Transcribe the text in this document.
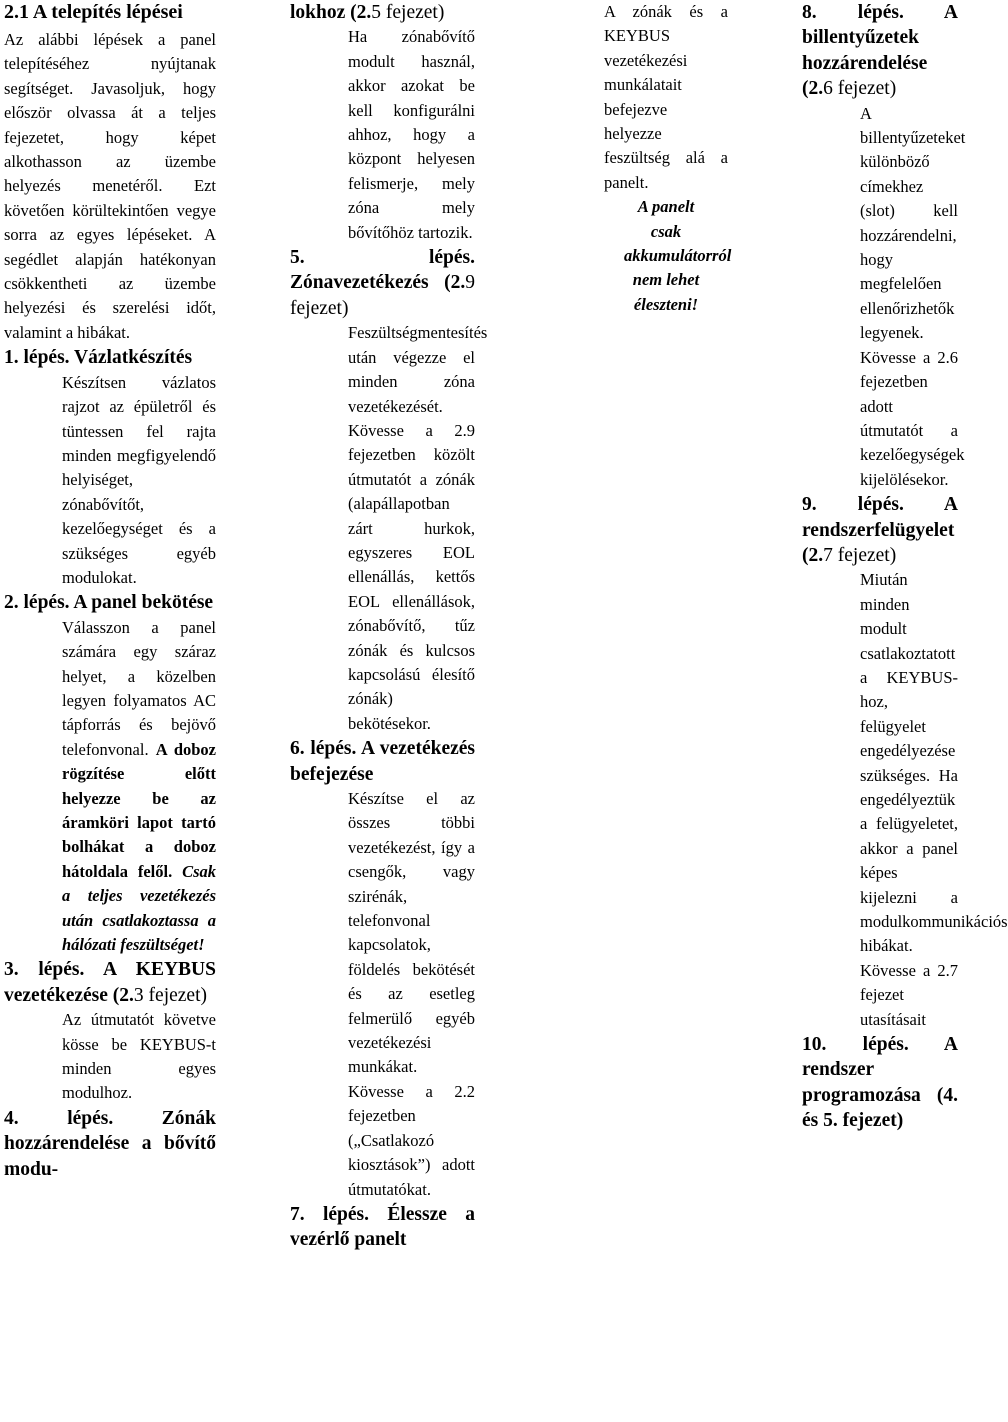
2.1 A telepítés lépései
Az alábbi lépések a panel telepítéséhez nyújtanak segítséget. Javasoljuk, hogy először olvassa át a teljes fejezetet, hogy képet alkothasson az üzembe helyezés menetéről. Ezt követően körültekintően vegye sorra az egyes lépéseket. A segédlet alapján hatékonyan csökkentheti az üzembe helyezési és szerelési időt, valamint a hibákat.
1. lépés. Vázlatkészítés
Készítsen vázlatos rajzot az épületről és tüntessen fel rajta minden megfigyelendő helyiséget, zónabővítőt, kezelőegységet és a szükséges egyéb modulokat.
2. lépés. A panel bekötése
Válasszon a panel számára egy száraz helyet, a közelben legyen folyamatos AC tápforrás és bejövő telefonvonal. A doboz rögzítése előtt helyezze be az áramköri lapot tartó bolhákat a doboz hátoldala felől. Csak a teljes vezetékezés után csatlakoztassa a hálózati feszültséget!
3. lépés. A KEYBUS vezetékezése (2.3 fejezet)
Az útmutatót követve kösse be KEYBUS-t minden egyes modulhoz.
4. lépés. Zónák hozzárendelése a bővítő modu-
lokhoz (2.5 fejezet)
Ha zónabővítő modult használ, akkor azokat be kell konfigurálni ahhoz, hogy a központ helyesen felismerje, mely zóna mely bővítőhöz tartozik.
5. lépés. Zónavezetékezés (2.9 fejezet)
Feszültségmentesítés után végezze el minden zóna vezetékezését. Kövesse a 2.9 fejezetben közölt útmutatót a zónák (alapállapotban zárt hurkok, egyszeres EOL ellenállás, kettős EOL ellenállások, zónabővítő, tűz zónák és kulcsos kapcsolású élesítő zónák) bekötésekor.
6. lépés. A vezetékezés befejezése
Készítse el az összes többi vezetékezést, így a csengők, vagy szirénák, telefonvonal kapcsolatok, földelés bekötését és az esetleg felmerülő egyéb vezetékezési munkákat. Kövesse a 2.2 fejezetben („Csatlakozó kiosztások”) adott útmutatókat.
7. lépés. Élessze a vezérlő panelt
A zónák és a KEYBUS vezetékezési munkálatait befejezve helyezze feszültség alá a panelt.
A panelt csak akkumulátorról nem lehet éleszteni!
8. lépés. A billentyűzetek hozzárendelése (2.6 fejezet)
A billentyűzeteket különböző címekhez (slot) kell hozzárendelni, hogy megfelelően ellenőrizhetők legyenek. Kövesse a 2.6 fejezetben adott útmutatót a kezelőegységek kijelölésekor.
9. lépés. A rendszerfelügyelet (2.7 fejezet)
Miután minden modult csatlakoztatott a KEYBUS-hoz, felügyelet engedélyezése szükséges. Ha engedélyeztük a felügyeletet, akkor a panel képes kijelezni a modulkommunikációs hibákat. Kövesse a 2.7 fejezet utasításait
10. lépés. A rendszer programozása (4. és 5. fejezet)
